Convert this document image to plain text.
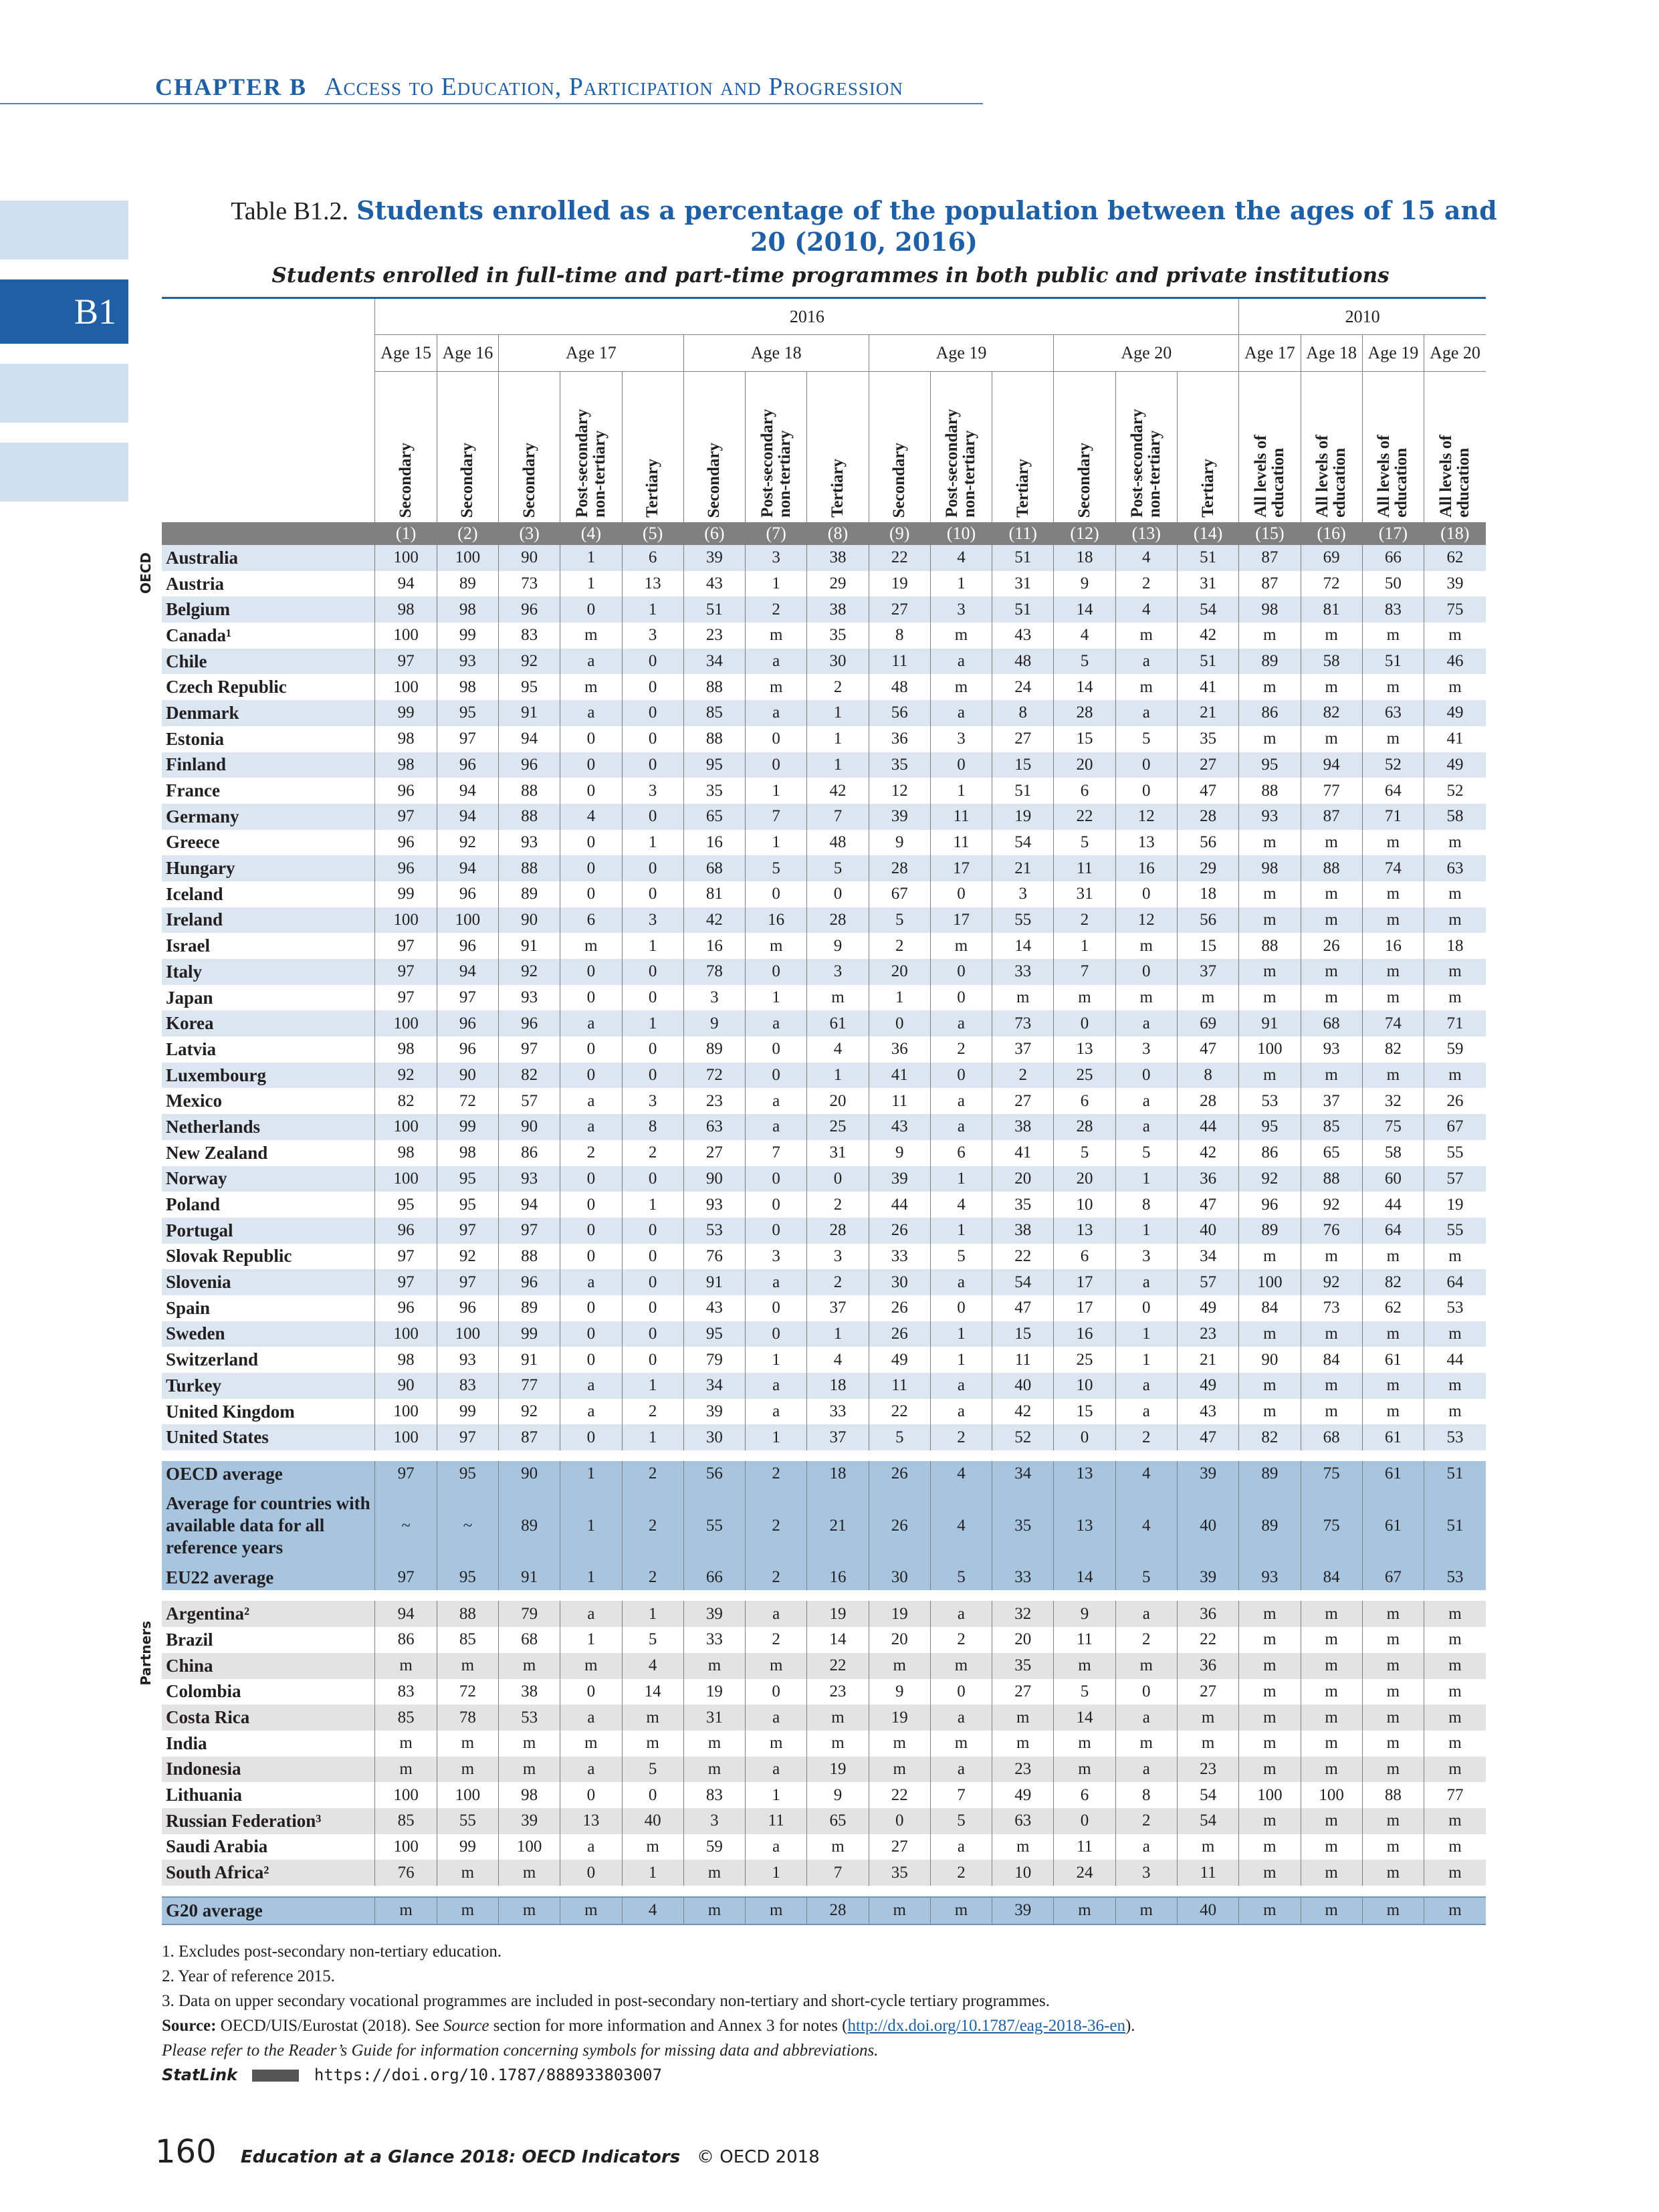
CHAPTER B Access to Education, Participation and Progression
B1
Table B1.2. Students enrolled as a percentage of the population between the ages of 15 and 20 (2010, 2016)
Students enrolled in full-time and part-time programmes in both public and private institutions
	2016														2010			
	Age 15	Age 16	Age 17			Age 18			Age 19			Age 20			Age 17	Age 18	Age 19	Age 20
	Secondary	Secondary	Secondary	Post-secondary non-tertiary	Tertiary	Secondary	Post-secondary non-tertiary	Tertiary	Secondary	Post-secondary non-tertiary	Tertiary	Secondary	Post-secondary non-tertiary	Tertiary	All levels of education	All levels of education	All levels of education	All levels of education
	(1)	(2)	(3)	(4)	(5)	(6)	(7)	(8)	(9)	(10)	(11)	(12)	(13)	(14)	(15)	(16)	(17)	(18)
Australia	100	100	90	1	6	39	3	38	22	4	51	18	4	51	87	69	66	62
Austria	94	89	73	1	13	43	1	29	19	1	31	9	2	31	87	72	50	39
Belgium	98	98	96	0	1	51	2	38	27	3	51	14	4	54	98	81	83	75
Canada¹	100	99	83	m	3	23	m	35	8	m	43	4	m	42	m	m	m	m
Chile	97	93	92	a	0	34	a	30	11	a	48	5	a	51	89	58	51	46
Czech Republic	100	98	95	m	0	88	m	2	48	m	24	14	m	41	m	m	m	m
Denmark	99	95	91	a	0	85	a	1	56	a	8	28	a	21	86	82	63	49
Estonia	98	97	94	0	0	88	0	1	36	3	27	15	5	35	m	m	m	41
Finland	98	96	96	0	0	95	0	1	35	0	15	20	0	27	95	94	52	49
France	96	94	88	0	3	35	1	42	12	1	51	6	0	47	88	77	64	52
Germany	97	94	88	4	0	65	7	7	39	11	19	22	12	28	93	87	71	58
Greece	96	92	93	0	1	16	1	48	9	11	54	5	13	56	m	m	m	m
Hungary	96	94	88	0	0	68	5	5	28	17	21	11	16	29	98	88	74	63
Iceland	99	96	89	0	0	81	0	0	67	0	3	31	0	18	m	m	m	m
Ireland	100	100	90	6	3	42	16	28	5	17	55	2	12	56	m	m	m	m
Israel	97	96	91	m	1	16	m	9	2	m	14	1	m	15	88	26	16	18
Italy	97	94	92	0	0	78	0	3	20	0	33	7	0	37	m	m	m	m
Japan	97	97	93	0	0	3	1	m	1	0	m	m	m	m	m	m	m	m
Korea	100	96	96	a	1	9	a	61	0	a	73	0	a	69	91	68	74	71
Latvia	98	96	97	0	0	89	0	4	36	2	37	13	3	47	100	93	82	59
Luxembourg	92	90	82	0	0	72	0	1	41	0	2	25	0	8	m	m	m	m
Mexico	82	72	57	a	3	23	a	20	11	a	27	6	a	28	53	37	32	26
Netherlands	100	99	90	a	8	63	a	25	43	a	38	28	a	44	95	85	75	67
New Zealand	98	98	86	2	2	27	7	31	9	6	41	5	5	42	86	65	58	55
Norway	100	95	93	0	0	90	0	0	39	1	20	20	1	36	92	88	60	57
Poland	95	95	94	0	1	93	0	2	44	4	35	10	8	47	96	92	44	19
Portugal	96	97	97	0	0	53	0	28	26	1	38	13	1	40	89	76	64	55
Slovak Republic	97	92	88	0	0	76	3	3	33	5	22	6	3	34	m	m	m	m
Slovenia	97	97	96	a	0	91	a	2	30	a	54	17	a	57	100	92	82	64
Spain	96	96	89	0	0	43	0	37	26	0	47	17	0	49	84	73	62	53
Sweden	100	100	99	0	0	95	0	1	26	1	15	16	1	23	m	m	m	m
Switzerland	98	93	91	0	0	79	1	4	49	1	11	25	1	21	90	84	61	44
Turkey	90	83	77	a	1	34	a	18	11	a	40	10	a	49	m	m	m	m
United Kingdom	100	99	92	a	2	39	a	33	22	a	42	15	a	43	m	m	m	m
United States	100	97	87	0	1	30	1	37	5	2	52	0	2	47	82	68	61	53

OECD average	97	95	90	1	2	56	2	18	26	4	34	13	4	39	89	75	61	51
Average for countries with available data for all reference years	~	~	89	1	2	55	2	21	26	4	35	13	4	40	89	75	61	51
EU22 average	97	95	91	1	2	66	2	16	30	5	33	14	5	39	93	84	67	53

Argentina²	94	88	79	a	1	39	a	19	19	a	32	9	a	36	m	m	m	m
Brazil	86	85	68	1	5	33	2	14	20	2	20	11	2	22	m	m	m	m
China	m	m	m	m	4	m	m	22	m	m	35	m	m	36	m	m	m	m
Colombia	83	72	38	0	14	19	0	23	9	0	27	5	0	27	m	m	m	m
Costa Rica	85	78	53	a	m	31	a	m	19	a	m	14	a	m	m	m	m	m
India	m	m	m	m	m	m	m	m	m	m	m	m	m	m	m	m	m	m
Indonesia	m	m	m	a	5	m	a	19	m	a	23	m	a	23	m	m	m	m
Lithuania	100	100	98	0	0	83	1	9	22	7	49	6	8	54	100	100	88	77
Russian Federation³	85	55	39	13	40	3	11	65	0	5	63	0	2	54	m	m	m	m
Saudi Arabia	100	99	100	a	m	59	a	m	27	a	m	11	a	m	m	m	m	m
South Africa²	76	m	m	0	1	m	1	7	35	2	10	24	3	11	m	m	m	m

G20 average	m	m	m	m	4	m	m	28	m	m	39	m	m	40	m	m	m	m
OECD
Partners
1. Excludes post-secondary non-tertiary education.
2. Year of reference 2015.
3. Data on upper secondary vocational programmes are included in post-secondary non-tertiary and short-cycle tertiary programmes.
Source: OECD/UIS/Eurostat (2018). See Source section for more information and Annex 3 for notes (http://dx.doi.org/10.1787/eag-2018-36-en).
Please refer to the Reader’s Guide for information concerning symbols for missing data and abbreviations.
StatLink	https://doi.org/10.1787/888933803007
160 Education at a Glance 2018: OECD Indicators © OECD 2018
